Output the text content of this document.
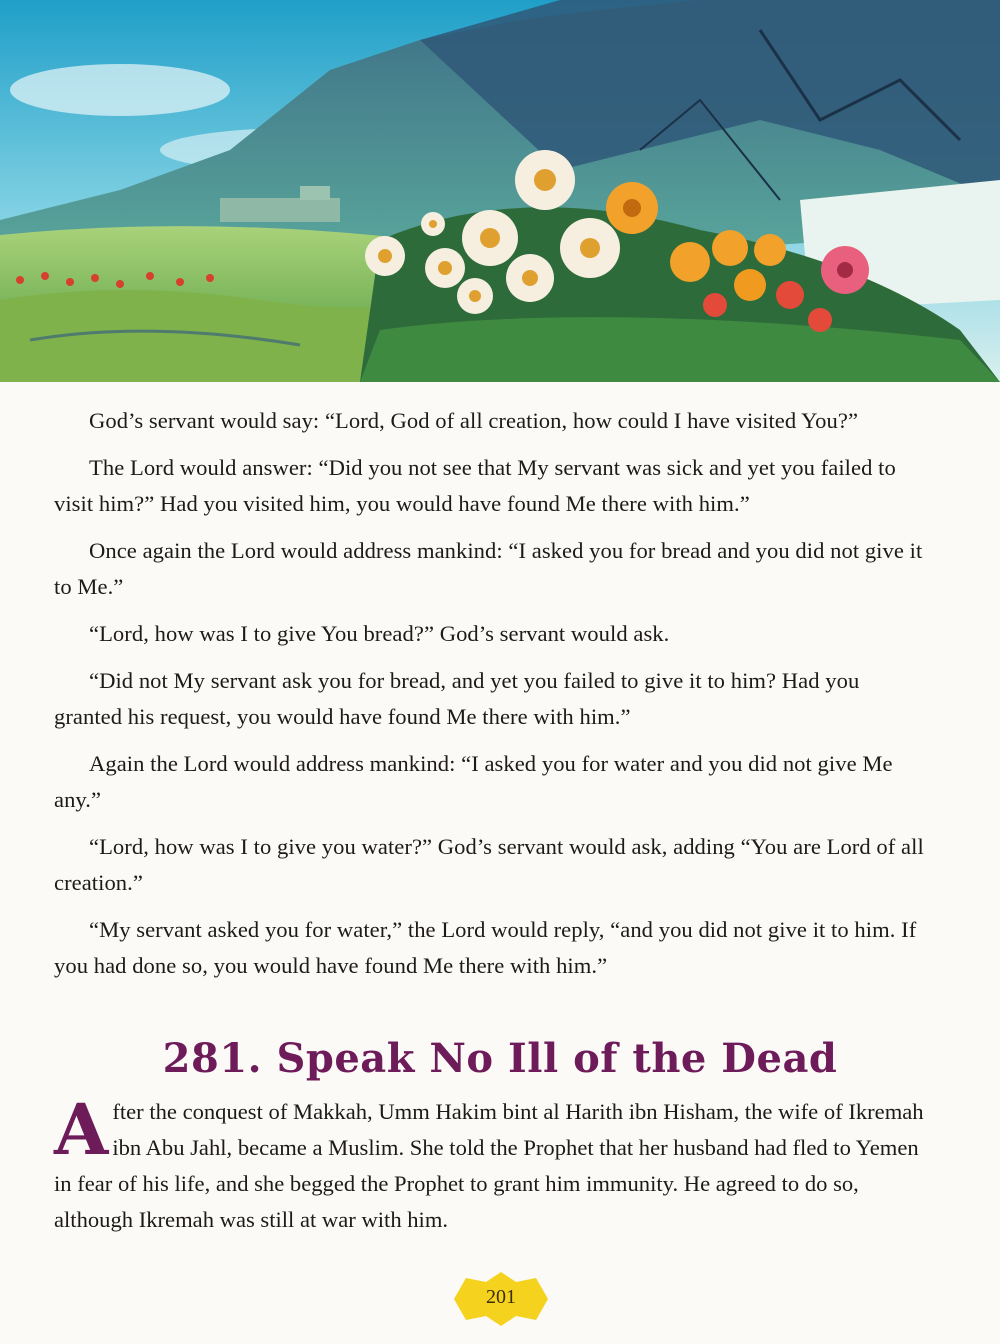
God’s servant would say: “Lord, God of all creation, how could I have visited You?”

The Lord would answer: “Did you not see that My servant was sick and yet you failed to visit him?” Had you visited him, you would have found Me there with him.”

Once again the Lord would address mankind: “I asked you for bread and you did not give it to Me.”

“Lord, how was I to give You bread?” God’s servant would ask.

“Did not My servant ask you for bread, and yet you failed to give it to him? Had you granted his request, you would have found Me there with him.”

Again the Lord would address mankind: “I asked you for water and you did not give Me any.”

“Lord, how was I to give you water?” God’s servant would ask, adding “You are Lord of all creation.”

“My servant asked you for water,” the Lord would reply, “and you did not give it to him. If you had done so, you would have found Me there with him.”

281. Speak No Ill of the Dead
After the conquest of Makkah, Umm Hakim bint al Harith ibn Hisham, the wife of Ikremah ibn Abu Jahl, became a Muslim. She told the Prophet that her husband had fled to Yemen in fear of his life, and she begged the Prophet to grant him immunity. He agreed to do so, although Ikremah was still at war with him.
201
